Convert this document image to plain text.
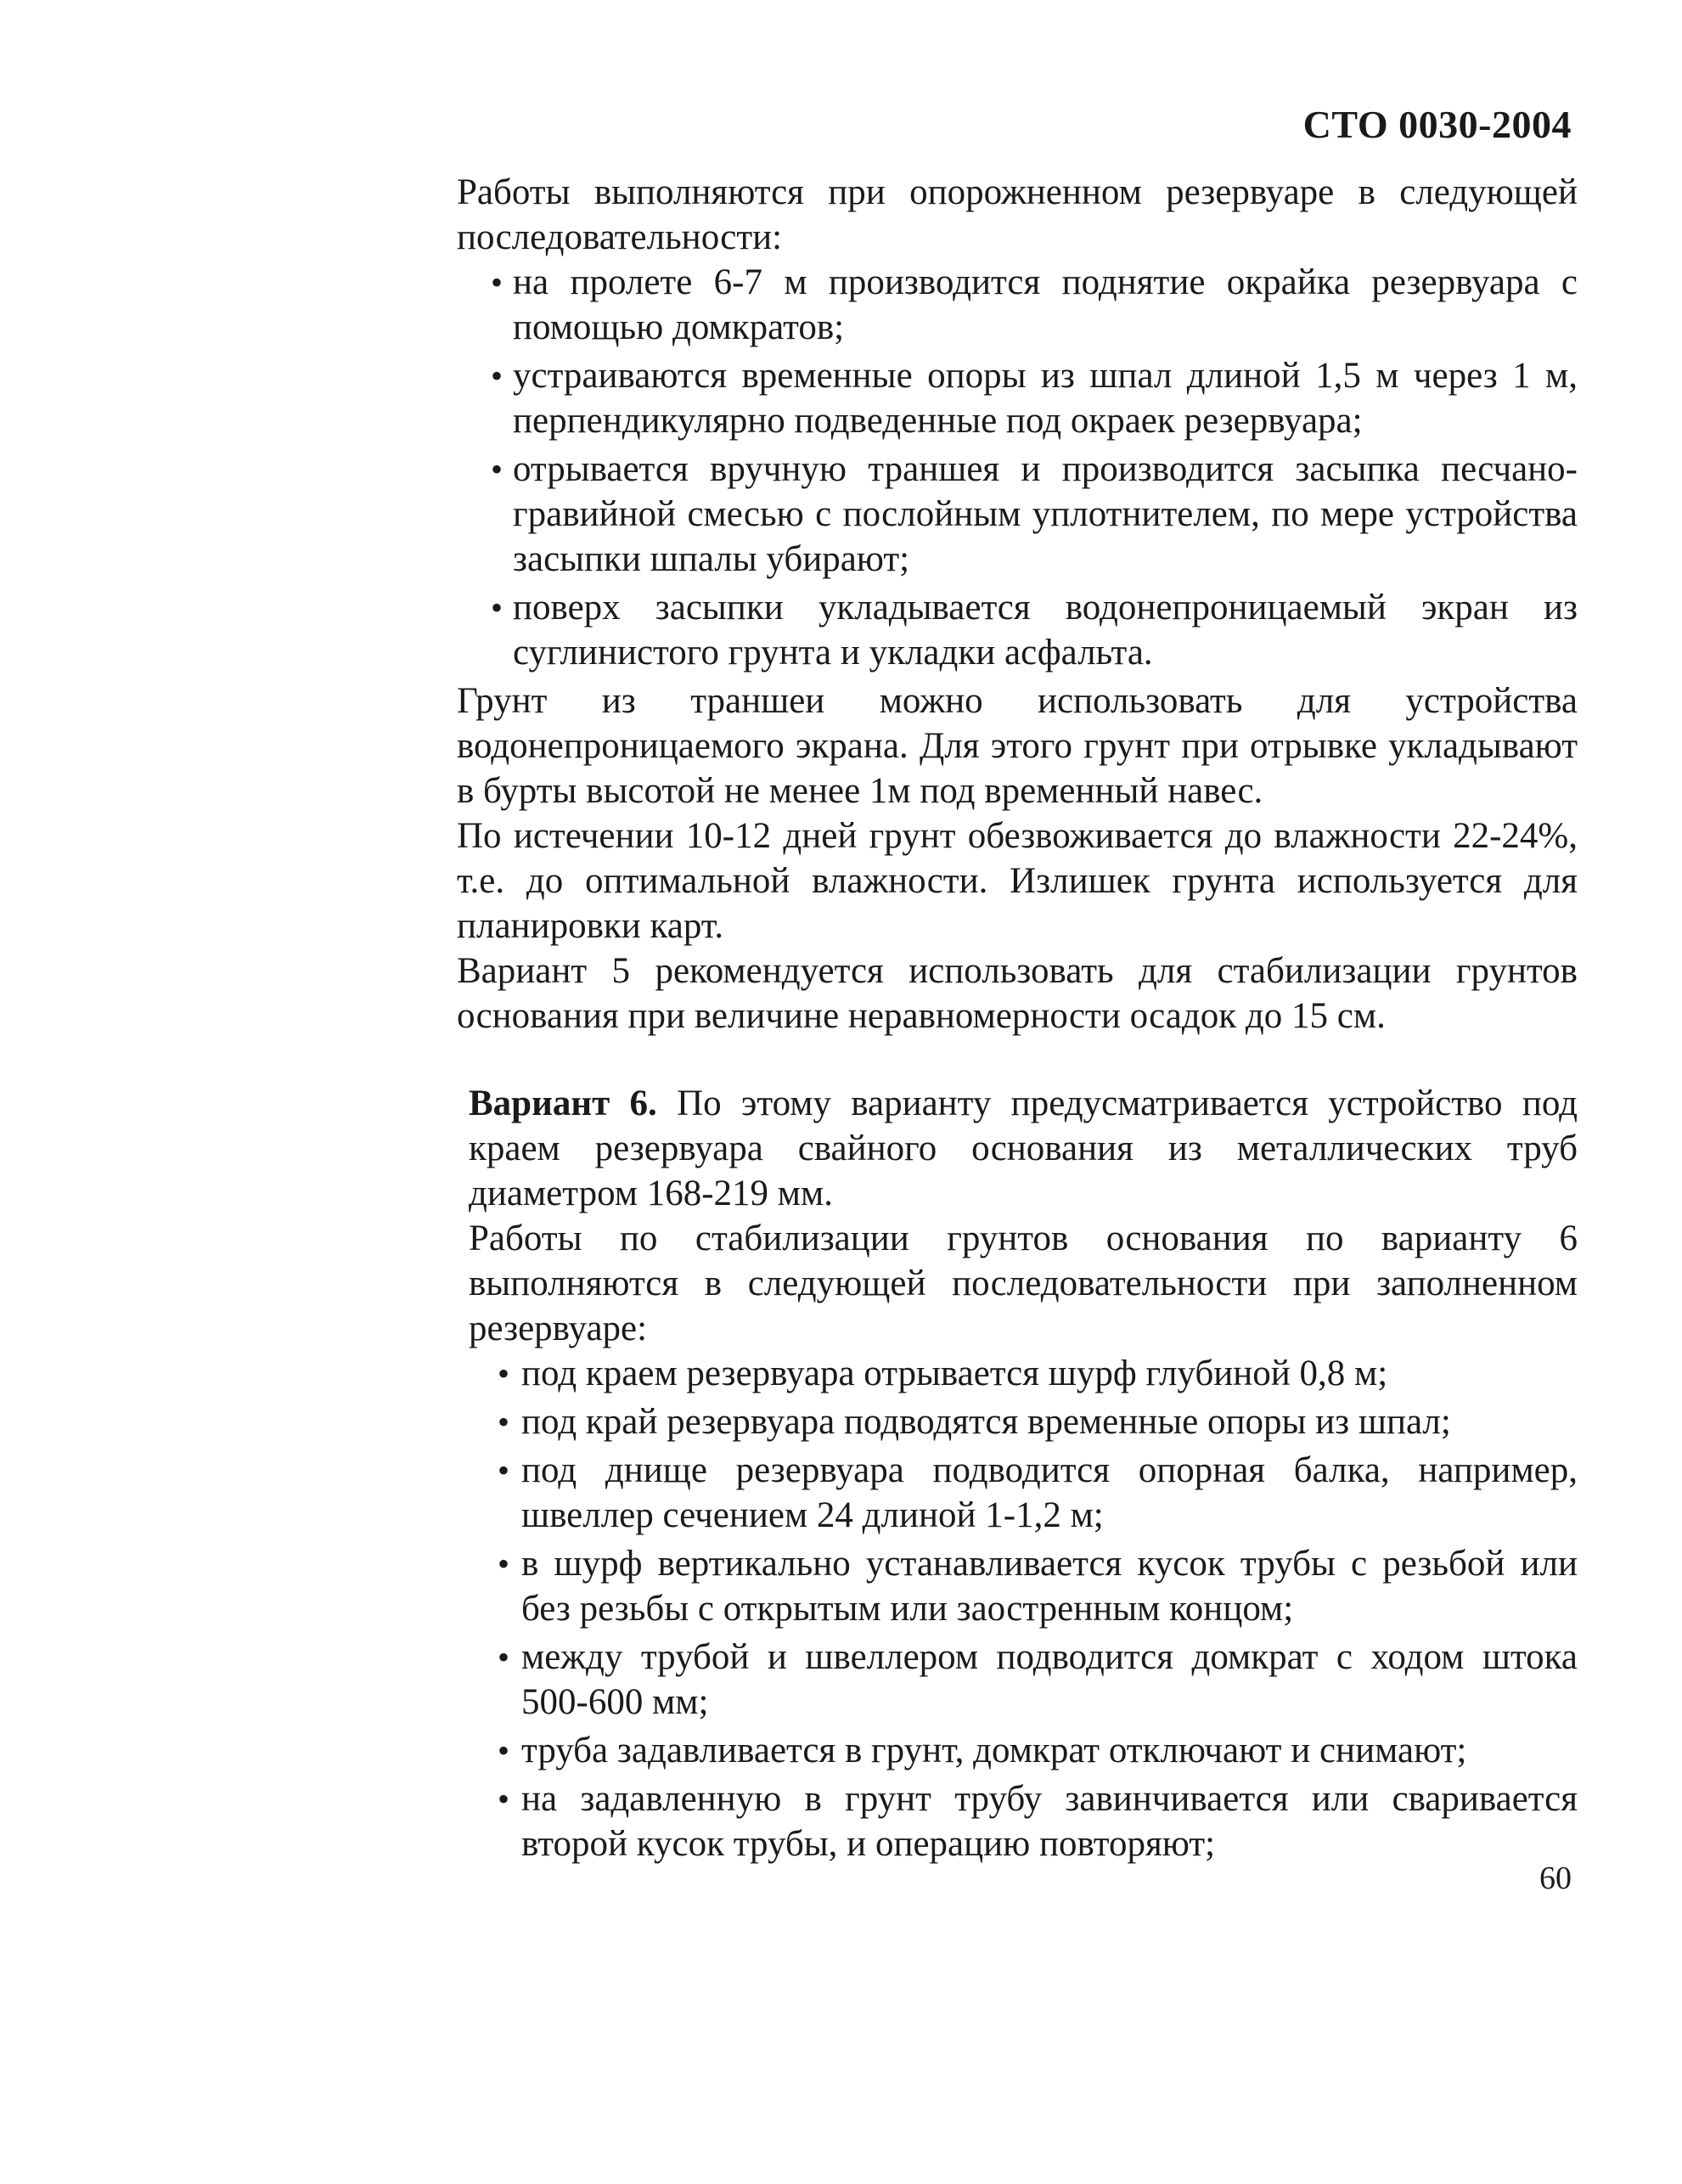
СТО 0030-2004

Работы выполняются при опорожненном резервуаре в следующей последовательности:

• на пролете 6-7 м производится поднятие окрайка резервуара с помощью домкратов;
• устраиваются временные опоры из шпал длиной 1,5 м через 1 м, перпендикулярно подведенные под окраек резервуара;
• отрывается вручную траншея и производится засыпка песчано-гравийной смесью с послойным уплотнителем, по мере устройства засыпки шпалы убирают;
• поверх засыпки укладывается водонепроницаемый экран из суглинистого грунта и укладки асфальта.

Грунт из траншеи можно использовать для устройства водонепроницаемого экрана. Для этого грунт при отрывке укладывают в бурты высотой не менее 1м под временный навес.

По истечении 10-12 дней грунт обезвоживается до влажности 22-24%, т.е. до оптимальной влажности. Излишек грунта используется для планировки карт.

Вариант 5 рекомендуется использовать для стабилизации грунтов основания при величине неравномерности осадок до 15 см.

Вариант 6. По этому варианту предусматривается устройство под краем резервуара свайного основания из металлических труб диаметром 168-219 мм.

Работы по стабилизации грунтов основания по варианту 6 выполняются в следующей последовательности при заполненном резервуаре:

• под краем резервуара отрывается шурф глубиной 0,8 м;
• под край резервуара подводятся временные опоры из шпал;
• под днище резервуара подводится опорная балка, например, швеллер сечением 24 длиной 1-1,2 м;
• в шурф вертикально устанавливается кусок трубы с резьбой или без резьбы с открытым или заостренным концом;
• между трубой и швеллером подводится домкрат с ходом штока 500-600 мм;
• труба задавливается в грунт, домкрат отключают и снимают;
• на задавленную в грунт трубу завинчивается или сваривается второй кусок трубы, и операцию повторяют;
60
